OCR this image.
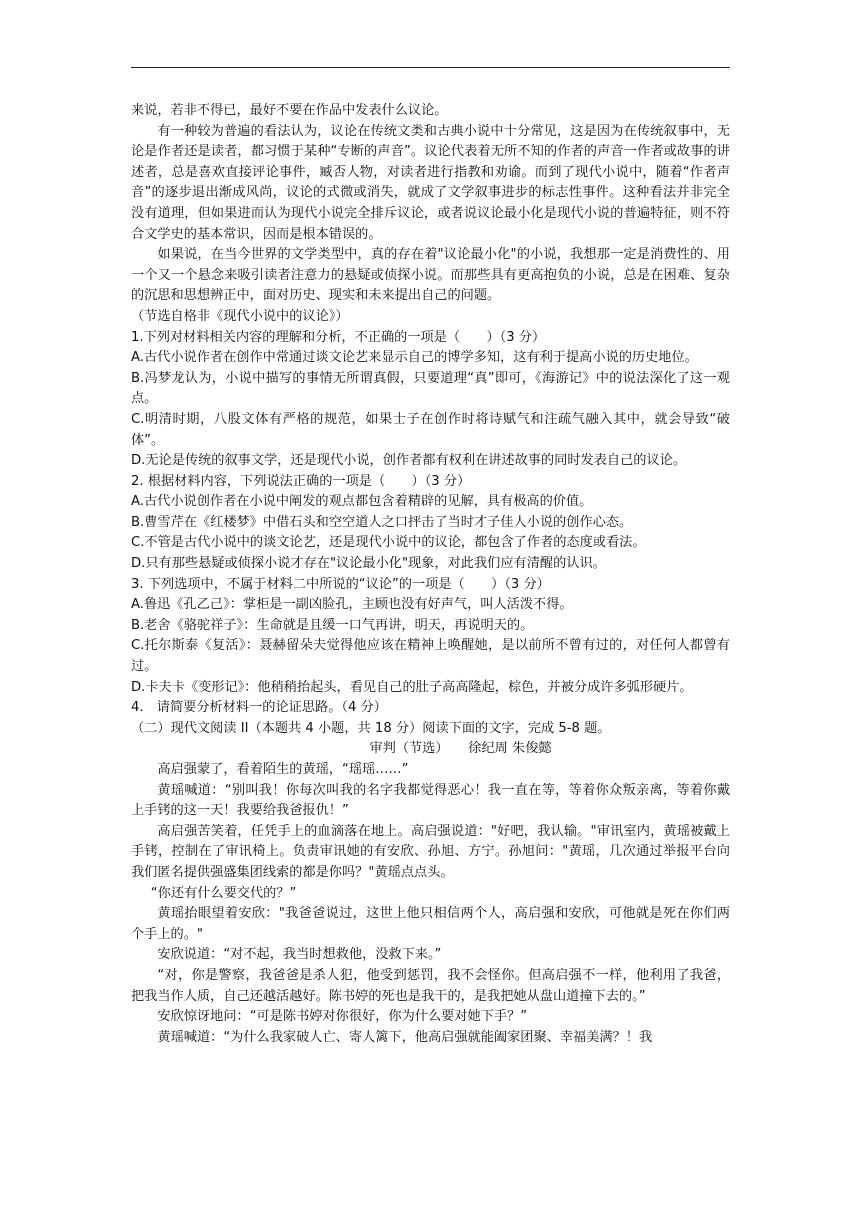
来说，若非不得已，最好不要在作品中发表什么议论。

有一种较为普遍的看法认为，议论在传统文类和古典小说中十分常见，这是因为在传统叙事中，无论是作者还是读者，都习惯于某种“专断的声音”。议论代表着无所不知的作者的声音一作者或故事的讲述者，总是喜欢直接评论事件，臧否人物，对读者进行指教和劝谕。而到了现代小说中，随着“作者声音”的逐步退出渐成风尚，议论的式微或消失，就成了文学叙事进步的标志性事件。这种看法并非完全没有道理，但如果进而认为现代小说完全排斥议论，或者说议论最小化是现代小说的普遍特征，则不符合文学史的基本常识，因而是根本错误的。

如果说，在当今世界的文学类型中，真的存在着"议论最小化"的小说，我想那一定是消费性的、用一个又一个悬念来吸引读者注意力的悬疑或侦探小说。而那些具有更高抱负的小说，总是在困难、复杂的沉思和思想辨正中，面对历史、现实和未来提出自己的问题。

（节选自格非《现代小说中的议论》）

1.下列对材料相关内容的理解和分析，不正确的一项是（　　）（3 分）

A.古代小说作者在创作中常通过谈文论艺来显示自己的博学多知，这有利于提高小说的历史地位。

B.冯梦龙认为，小说中描写的事情无所谓真假，只要道理“真”即可，《海游记》中的说法深化了这一观点。

C.明清时期，八股文体有严格的规范，如果士子在创作时将诗赋气和注疏气融入其中，就会导致“破体”。

D.无论是传统的叙事文学，还是现代小说，创作者都有权利在讲述故事的同时发表自己的议论。

2. 根据材料内容，下列说法正确的一项是（　　）（3 分）

A.古代小说创作者在小说中阐发的观点都包含着精辟的见解，具有极高的价值。

B.曹雪芹在《红楼梦》中借石头和空空道人之口抨击了当时才子佳人小说的创作心态。

C.不管是古代小说中的谈文论艺，还是现代小说中的议论，都包含了作者的态度或看法。

D.只有那些悬疑或侦探小说才存在"议论最小化"现象，对此我们应有清醒的认识。

3. 下列选项中，不属于材料二中所说的“议论”的一项是（　　）（3 分）

A.鲁迅《孔乙己》：掌柜是一副凶脸孔，主顾也没有好声气，叫人活泼不得。

B.老舍《骆驼祥子》：生命就是且缓一口气再讲，明天，再说明天的。

C.托尔斯泰《复活》：聂赫留朵夫觉得他应该在精神上唤醒她，是以前所不曾有过的，对任何人都曾有过。

D.卡夫卡《变形记》：他稍稍抬起头，看见自己的肚子高高隆起，棕色，并被分成许多弧形硬片。

4.　请简要分析材料一的论证思路。（4 分）

（二）现代文阅读 II（本题共 4 小题，共 18 分）阅读下面的文字，完成 5-8 题。

审判（节选）　　徐纪周 朱俊懿

高启强蒙了，看着陌生的黄瑶，“瑶瑶……”

黄瑶喊道：“别叫我！你每次叫我的名字我都觉得恶心！我一直在等，等着你众叛亲离，等着你戴上手铐的这一天！我要给我爸报仇！”

高启强苦笑着，任凭手上的血滴落在地上。高启强说道："好吧，我认输。"审讯室内，黄瑶被戴上手铐，控制在了审讯椅上。负责审讯她的有安欣、孙旭、方宁。孙旭问："黄瑶，几次通过举报平台向我们匿名提供强盛集团线索的都是你吗？"黄瑶点点头。

“你还有什么要交代的？”

黄瑶抬眼望着安欣："我爸爸说过，这世上他只相信两个人，高启强和安欣，可他就是死在你们两个手上的。"

安欣说道：“对不起，我当时想救他，没救下来。”

“对，你是警察，我爸爸是杀人犯，他受到惩罚，我不会怪你。但高启强不一样，他利用了我爸，把我当作人质，自己还越活越好。陈书婷的死也是我干的，是我把她从盘山道撞下去的。”

安欣惊讶地问：“可是陈书婷对你很好，你为什么要对她下手？”

黄瑶喊道：“为什么我家破人亡、寄人篱下，他高启强就能阖家团聚、幸福美满？！我
